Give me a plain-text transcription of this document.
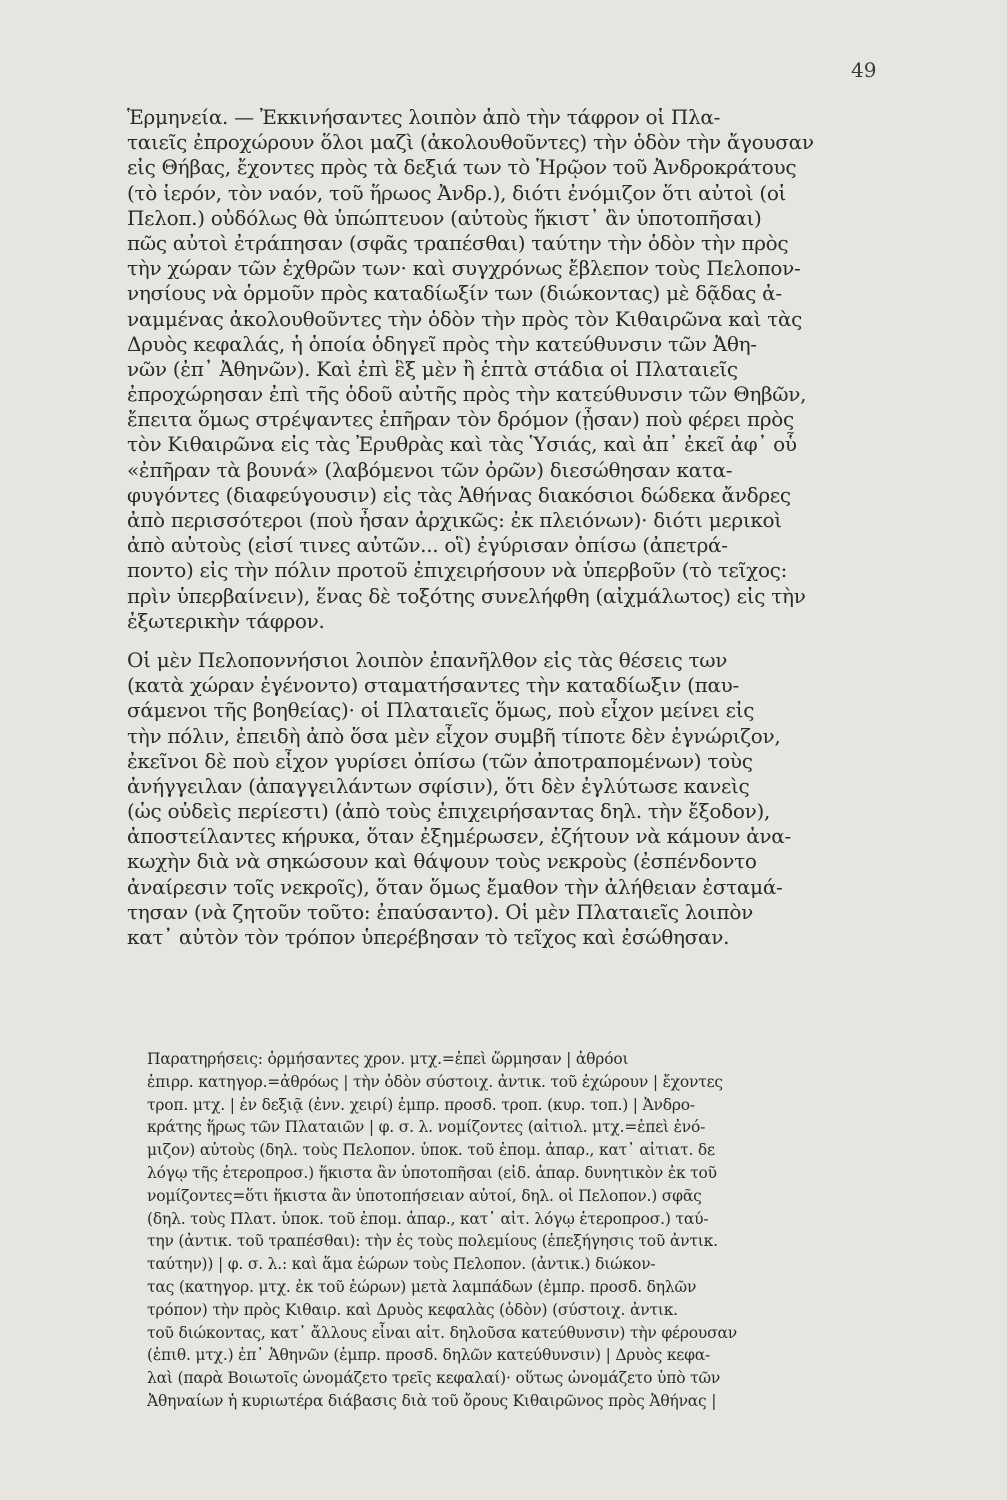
49
Ἑρμηνεία. — Ἐκκινήσαντες λοιπὸν ἀπὸ τὴν τάφρον οἱ Πλα-
ταιεῖς ἐπροχώρουν ὅλοι μαζὶ (ἀκολουθοῦντες) τὴν ὁδὸν τὴν ἄγουσαν
εἰς Θήβας, ἔχοντες πρὸς τὰ δεξιά των τὸ Ἡρῷον τοῦ Ἀνδροκράτους
(τὸ ἱερόν, τὸν ναόν, τοῦ ἥρωος Ἀνδρ.), διότι ἐνόμιζον ὅτι αὐτοὶ (οἱ
Πελοπ.) οὐδόλως θὰ ὑπώπτευον (αὐτοὺς ἥκιστ᾽ ἂν ὑποτοπῆσαι)
πῶς αὐτοὶ ἐτράπησαν (σφᾶς τραπέσθαι) ταύτην τὴν ὁδὸν τὴν πρὸς
τὴν χώραν τῶν ἐχθρῶν των· καὶ συγχρόνως ἔβλεπον τοὺς Πελοπον-
νησίους νὰ ὁρμοῦν πρὸς καταδίωξίν των (διώκοντας) μὲ δᾷδας ἀ-
ναμμένας ἀκολουθοῦντες τὴν ὁδὸν τὴν πρὸς τὸν Κιθαιρῶνα καὶ τὰς
Δρυὸς κεφαλάς, ἡ ὁποία ὁδηγεῖ πρὸς τὴν κατεύθυνσιν τῶν Ἀθη-
νῶν (ἐπ᾽ Ἀθηνῶν). Καὶ ἐπὶ ἓξ μὲν ἢ ἑπτὰ στάδια οἱ Πλαταιεῖς
ἐπροχώρησαν ἐπὶ τῆς ὁδοῦ αὐτῆς πρὸς τὴν κατεύθυνσιν τῶν Θηβῶν,
ἔπειτα ὅμως στρέψαντες ἐπῆραν τὸν δρόμον (ᾖσαν) ποὺ φέρει πρὸς
τὸν Κιθαιρῶνα εἰς τὰς Ἐρυθρὰς καὶ τὰς Ὑσιάς, καὶ ἀπ᾽ ἐκεῖ ἀφ᾽ οὗ
«ἐπῆραν τὰ βουνά» (λαβόμενοι τῶν ὀρῶν) διεσώθησαν κατα-
φυγόντες (διαφεύγουσιν) εἰς τὰς Ἀθήνας διακόσιοι δώδεκα ἄνδρες
ἀπὸ περισσότεροι (ποὺ ἦσαν ἀρχικῶς: ἐκ πλειόνων)· διότι μερικοὶ
ἀπὸ αὐτοὺς (εἰσί τινες αὐτῶν... οἳ) ἐγύρισαν ὀπίσω (ἀπετρά-
ποντο) εἰς τὴν πόλιν προτοῦ ἐπιχειρήσουν νὰ ὑπερβοῦν (τὸ τεῖχος:
πρὶν ὑπερβαίνειν), ἕνας δὲ τοξότης συνελήφθη (αἰχμάλωτος) εἰς τὴν
ἐξωτερικὴν τάφρον.
Οἱ μὲν Πελοποννήσιοι λοιπὸν ἐπανῆλθον εἰς τὰς θέσεις των
(κατὰ χώραν ἐγένοντο) σταματήσαντες τὴν καταδίωξιν (παυ-
σάμενοι τῆς βοηθείας)· οἱ Πλαταιεῖς ὅμως, ποὺ εἶχον μείνει εἰς
τὴν πόλιν, ἐπειδὴ ἀπὸ ὅσα μὲν εἶχον συμβῆ τίποτε δὲν ἐγνώριζον,
ἐκεῖνοι δὲ ποὺ εἶχον γυρίσει ὀπίσω (τῶν ἀποτραπομένων) τοὺς
ἀνήγγειλαν (ἀπαγγειλάντων σφίσιν), ὅτι δὲν ἐγλύτωσε κανεὶς
(ὡς οὐδεὶς περίεστι) (ἀπὸ τοὺς ἐπιχειρήσαντας δηλ. τὴν ἔξοδον),
ἀποστείλαντες κήρυκα, ὅταν ἐξημέρωσεν, ἐζήτουν νὰ κάμουν ἀνα-
κωχὴν διὰ νὰ σηκώσουν καὶ θάψουν τοὺς νεκροὺς (ἐσπένδοντο
ἀναίρεσιν τοῖς νεκροῖς), ὅταν ὅμως ἔμαθον τὴν ἀλήθειαν ἐσταμά-
τησαν (νὰ ζητοῦν τοῦτο: ἐπαύσαντο). Οἱ μὲν Πλαταιεῖς λοιπὸν
κατ᾽ αὐτὸν τὸν τρόπον ὑπερέβησαν τὸ τεῖχος καὶ ἐσώθησαν.
Παρατηρήσεις: ὁρμήσαντες χρον. μτχ.=ἐπεὶ ὥρμησαν | ἀθρόοι
ἐπιρρ. κατηγορ.=ἀθρόως | τὴν ὁδὸν σύστοιχ. ἀντικ. τοῦ ἐχώρουν | ἔχοντες
τροπ. μτχ. | ἐν δεξιᾷ (ἐνν. χειρί) ἐμπρ. προσδ. τροπ. (κυρ. τοπ.) | Ἀνδρο-
κράτης ἥρως τῶν Πλαταιῶν | φ. σ. λ. νομίζοντες (αἰτιολ. μτχ.=ἐπεὶ ἐνό-
μιζον) αὐτοὺς (δηλ. τοὺς Πελοπον. ὑποκ. τοῦ ἑπομ. ἀπαρ., κατ᾽ αἰτιατ. δε
λόγῳ τῆς ἑτεροπροσ.) ἥκιστα ἂν ὑποτοπῆσαι (εἰδ. ἀπαρ. δυνητικὸν ἐκ τοῦ
νομίζοντες=ὅτι ἥκιστα ἂν ὑποτοπήσειαν αὐτοί, δηλ. οἱ Πελοπον.) σφᾶς
(δηλ. τοὺς Πλατ. ὑποκ. τοῦ ἑπομ. ἀπαρ., κατ᾽ αἰτ. λόγῳ ἑτεροπροσ.) ταύ-
την (ἀντικ. τοῦ τραπέσθαι): τὴν ἐς τοὺς πολεμίους (ἐπεξήγησις τοῦ ἀντικ.
ταύτην)) | φ. σ. λ.: καὶ ἅμα ἑώρων τοὺς Πελοπον. (ἀντικ.) διώκον-
τας (κατηγορ. μτχ. ἐκ τοῦ ἑώρων) μετὰ λαμπάδων (ἐμπρ. προσδ. δηλῶν
τρόπον) τὴν πρὸς Κιθαιρ. καὶ Δρυὸς κεφαλὰς (ὁδὸν) (σύστοιχ. ἀντικ.
τοῦ διώκοντας, κατ᾽ ἄλλους εἶναι αἰτ. δηλοῦσα κατεύθυνσιν) τὴν φέρουσαν
(ἐπιθ. μτχ.) ἐπ᾽ Ἀθηνῶν (ἐμπρ. προσδ. δηλῶν κατεύθυνσιν) | Δρυὸς κεφα-
λαὶ (παρὰ Βοιωτοῖς ὠνομάζετο τρεῖς κεφαλαί)· οὕτως ὠνομάζετο ὑπὸ τῶν
Ἀθηναίων ἡ κυριωτέρα διάβασις διὰ τοῦ ὄρους Κιθαιρῶνος πρὸς Ἀθήνας |
